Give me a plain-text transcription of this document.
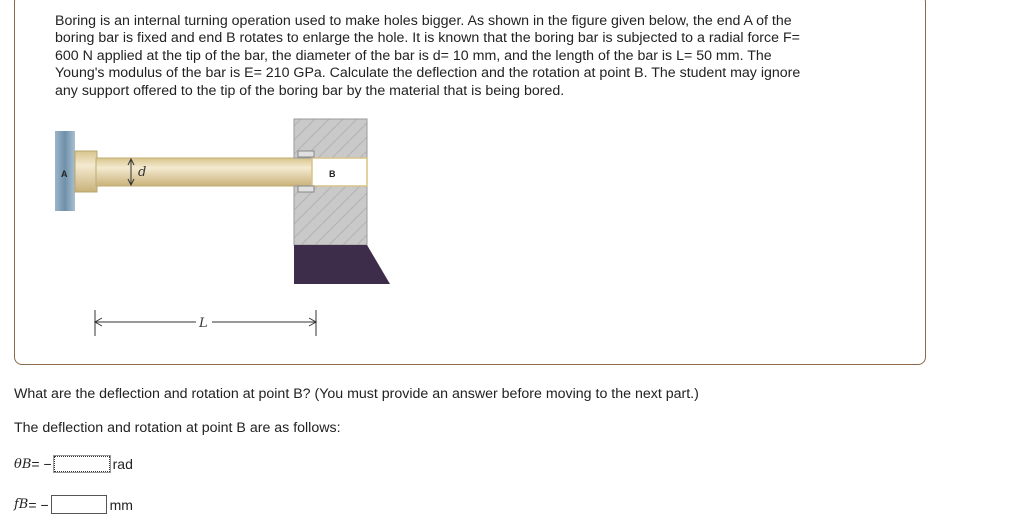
Boring is an internal turning operation used to make holes bigger. As shown in the figure given below, the end A of the
boring bar is fixed and end B rotates to enlarge the hole. It is known that the boring bar is subjected to a radial force F=
600 N applied at the tip of the bar, the diameter of the bar is d= 10 mm, and the length of the bar is L= 50 mm. The
Young's modulus of the bar is E= 210 GPa. Calculate the deflection and the rotation at point B. The student may ignore
any support offered to the tip of the boring bar by the material that is being bored.
d
A	B
L
What are the deflection and rotation at point B? (You must provide an answer before moving to the next part.)
The deflection and rotation at point B are as follows:
θB = −	rad
fB = −	mm
